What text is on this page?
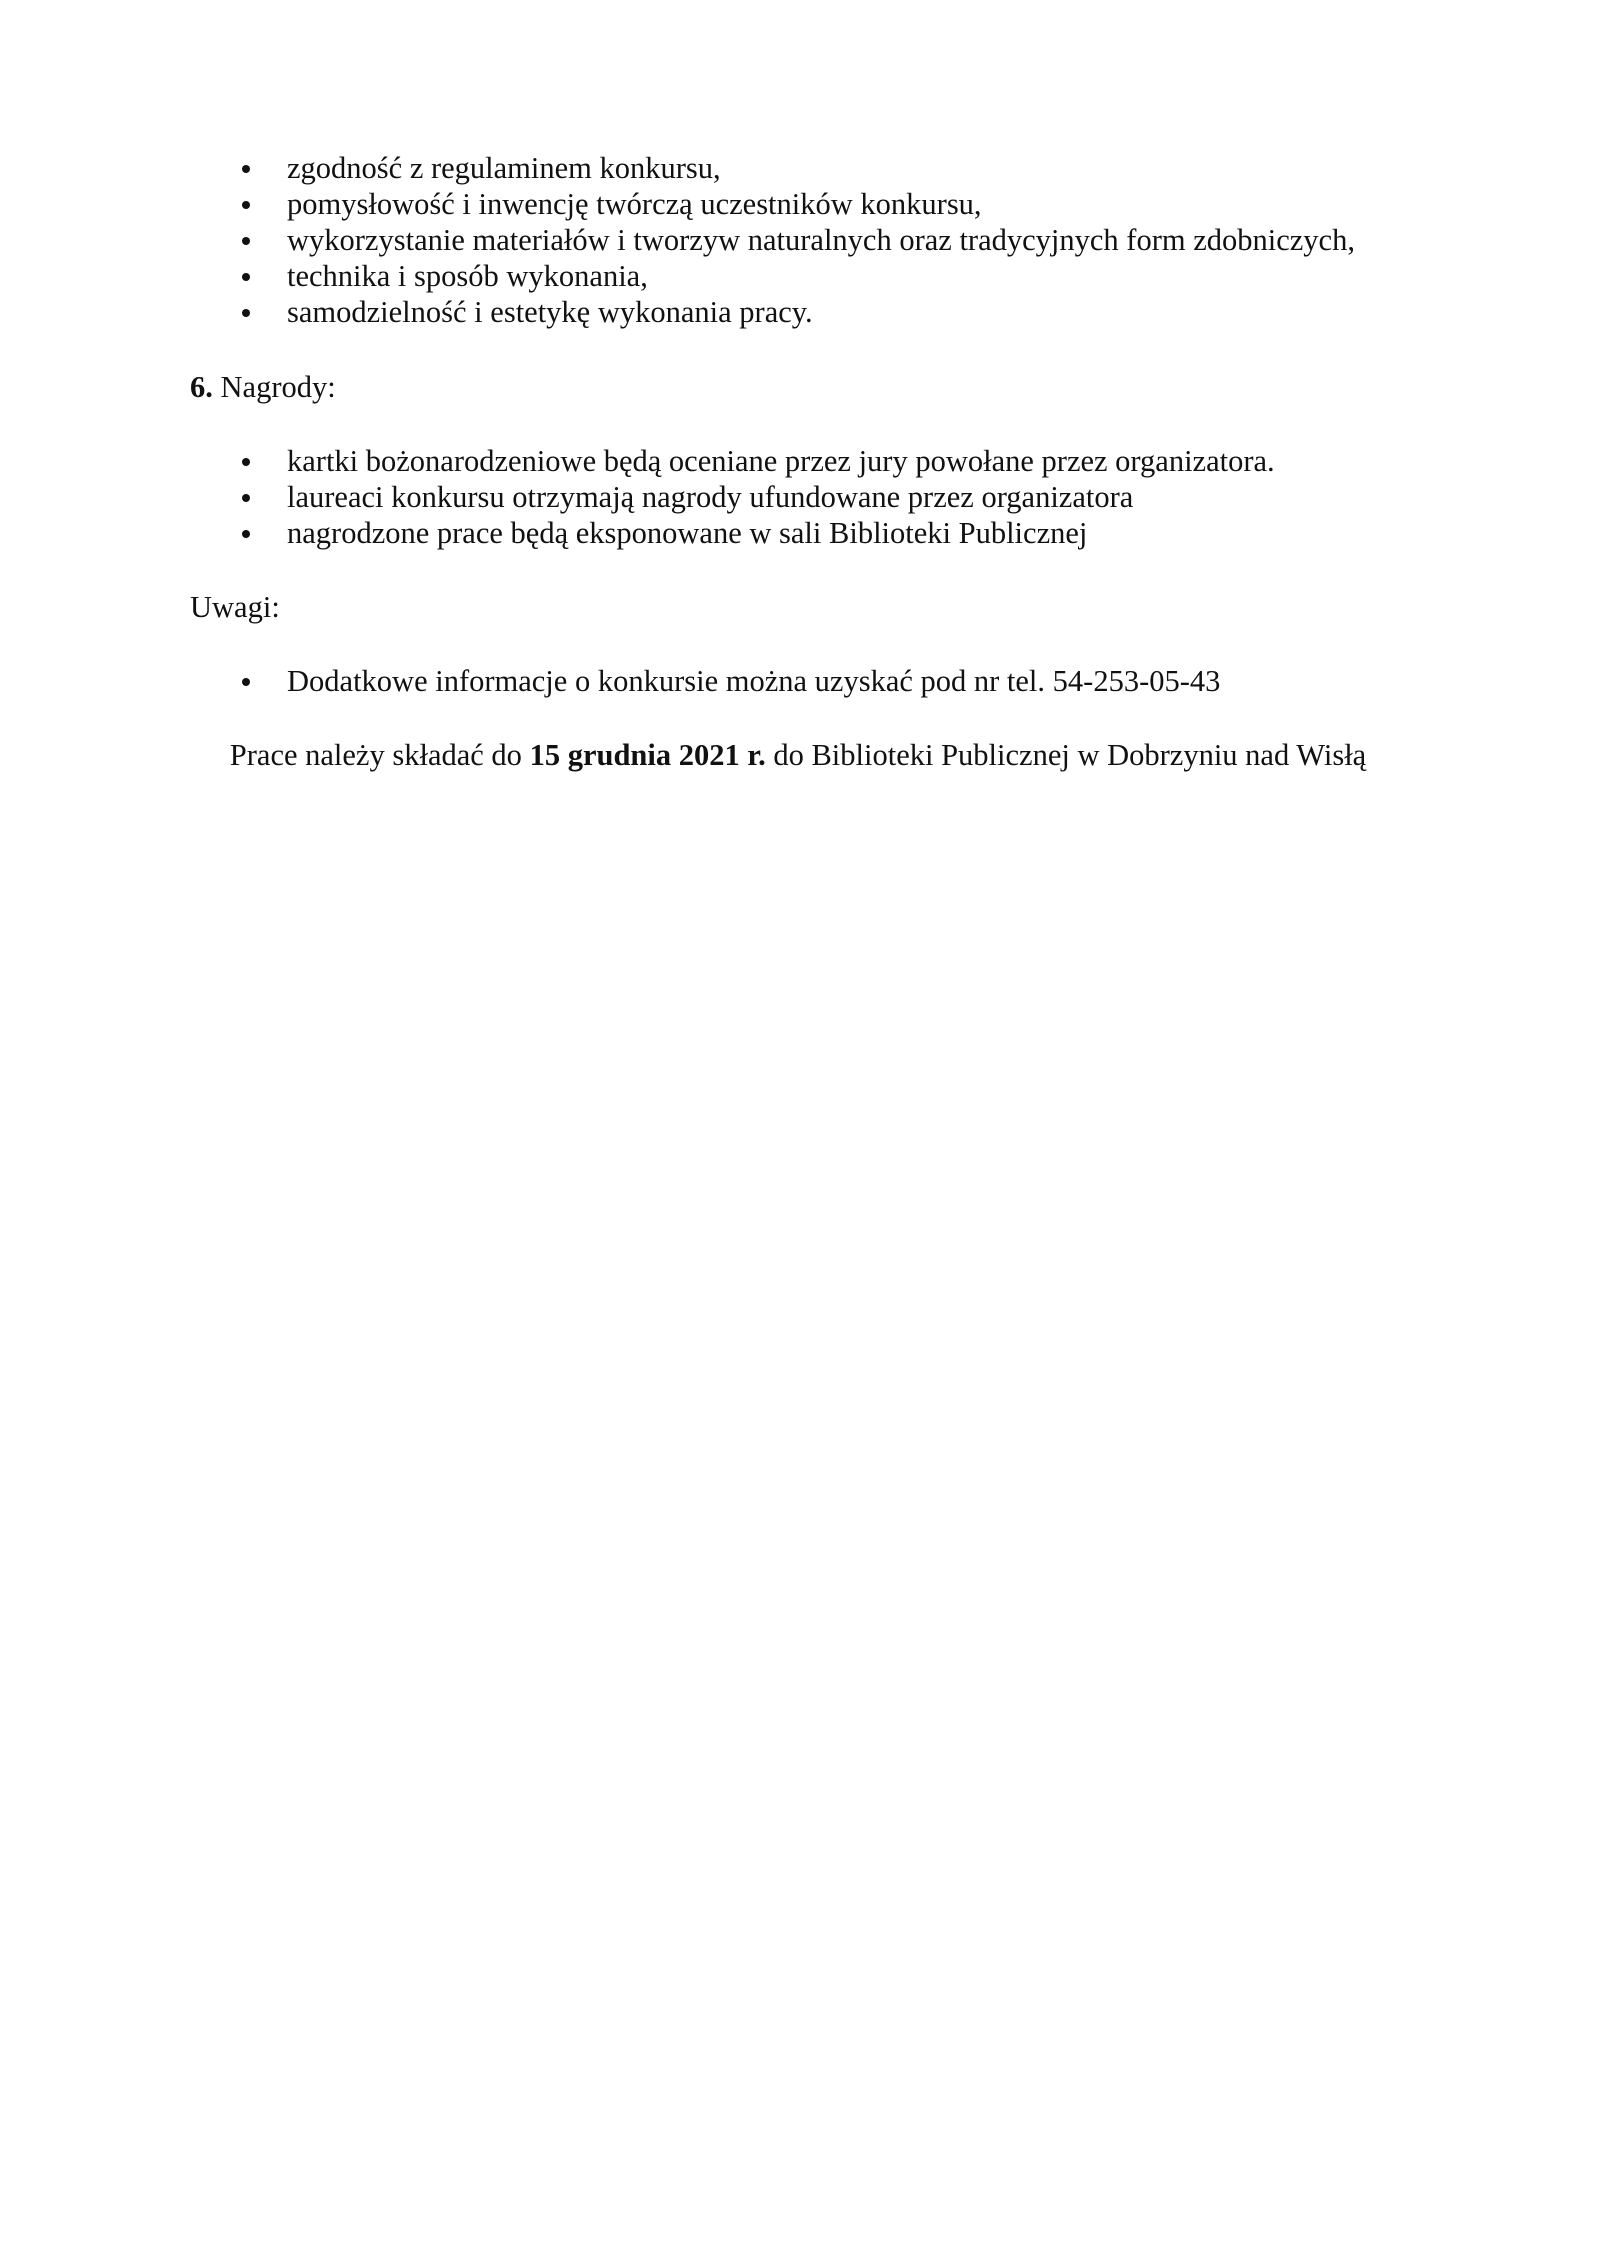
zgodność z regulaminem konkursu,
pomysłowość i inwencję twórczą uczestników konkursu,
wykorzystanie materiałów i tworzyw naturalnych oraz tradycyjnych form zdobniczych,
technika i sposób wykonania,
samodzielność i estetykę wykonania pracy.

6. Nagrody:

kartki bożonarodzeniowe będą oceniane przez jury powołane przez organizatora.
laureaci konkursu otrzymają nagrody ufundowane przez organizatora
nagrodzone prace będą eksponowane w sali Biblioteki Publicznej

Uwagi:

Dodatkowe informacje o konkursie można uzyskać pod nr tel. 54-253-05-43

Prace należy składać do 15 grudnia 2021 r. do Biblioteki Publicznej w Dobrzyniu nad Wisłą
